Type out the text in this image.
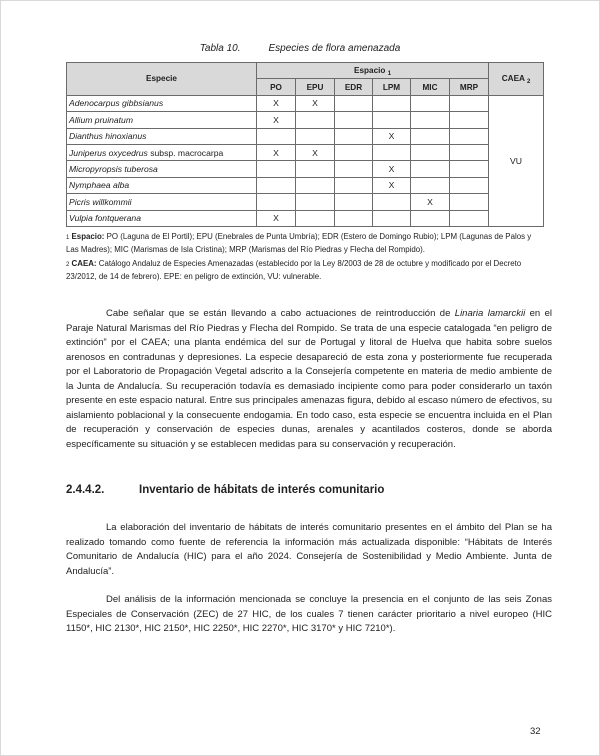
Tabla 10.	Especies de flora amenazada
Especie	Espacio $_1$						CAEA $_2$
	PO	EPU	EDR	LPM	MIC	MRP	
Adenocarpus gibbsianus	X	X					VU
Allium pruinatum	X						
Dianthus hinoxianus				X			
Juniperus oxycedrus subsp. macrocarpa	X	X					
Micropyropsis tuberosa				X			
Nymphaea alba				X			
Picris willkommii					X		
Vulpia fontquerana	X						
1 Espacio: PO (Laguna de El Portil); EPU (Enebrales de Punta Umbría); EDR (Estero de Domingo Rubio); LPM (Lagunas de Palos y Las Madres); MIC (Marismas de Isla Cristina); MRP (Marismas del Río Piedras y Flecha del Rompido).
2 CAEA: Catálogo Andaluz de Especies Amenazadas (establecido por la Ley 8/2003 de 28 de octubre y modificado por el Decreto 23/2012, de 14 de febrero). EPE: en peligro de extinción, VU: vulnerable.

Cabe señalar que se están llevando a cabo actuaciones de reintroducción de Linaria lamarckii en el Paraje Natural Marismas del Río Piedras y Flecha del Rompido. Se trata de una especie catalogada “en peligro de extinción” por el CAEA; una planta endémica del sur de Portugal y litoral de Huelva que habita sobre suelos arenosos en contradunas y depresiones. La especie desapareció de esta zona y posteriormente fue recuperada por el Laboratorio de Propagación Vegetal adscrito a la Consejería competente en materia de medio ambiente de la Junta de Andalucía. Su recuperación todavía es demasiado incipiente como para poder considerarlo un taxón presente en este espacio natural. Entre sus principales amenazas figura, debido al escaso número de efectivos, su aislamiento poblacional y la consecuente endogamia. En todo caso, esta especie se encuentra incluida en el Plan de recuperación y conservación de especies dunas, arenales y acantilados costeros, donde se aborda específicamente su situación y se establecen medidas para su conservación y recuperación.

2.4.4.2.	Inventario de hábitats de interés comunitario

La elaboración del inventario de hábitats de interés comunitario presentes en el ámbito del Plan se ha realizado tomando como fuente de referencia la información más actualizada disponible: “Hábitats de Interés Comunitario de Andalucía (HIC) para el año 2024. Consejería de Sostenibilidad y Medio Ambiente. Junta de Andalucía”.

Del análisis de la información mencionada se concluye la presencia en el conjunto de las seis Zonas Especiales de Conservación (ZEC) de 27 HIC, de los cuales 7 tienen carácter prioritario a nivel europeo (HIC 1150*, HIC 2130*, HIC 2150*, HIC 2250*, HIC 2270*, HIC 3170* y HIC 7210*).

32
